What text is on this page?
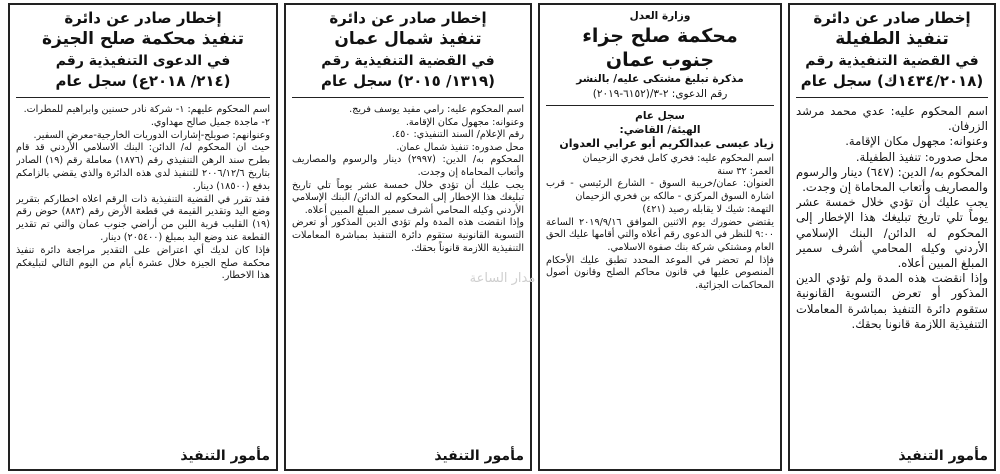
إخطار صادر عن دائرة
تنفيذ الطفيلة
في القضية التنفيذية رقم
(١٤٣٤/٢٠١٨ك) سجل عام

اسم المحكوم عليه: عدي محمد مرشد الزرفان.
وعنوانه: مجهول مكان الإقامة.
محل صدوره: تنفيذ الطفيلة.
المحكوم به/ الدين: (٦٤٧) دينار والرسوم والمصاريف وأتعاب المحاماة إن وجدت.

يجب عليك أن تؤدي خلال خمسة عشر يوماً تلي تاريخ تبليغك هذا الإخطار إلى المحكوم له الدائن/ البنك الإسلامي الأردني وكيله المحامي أشرف سمير المبلغ المبين أعلاه.

وإذا انقضت هذه المدة ولم تؤدي الدين المذكور أو تعرض التسوية القانونية ستقوم دائرة التنفيذ بمباشرة المعاملات التنفيذية اللازمة قانونا بحقك.

مأمور التنفيذ
وزارة العدل
محكمة صلح جزاء
جنوب عمان
مذكرة تبليغ مشتكى عليه/ بالنشر
رقم الدعوى: ٢-٣/(٦١٥٢-٢٠١٩)
سجل عام
الهيئة/ القاضي:
زياد عيسى عبدالكريم أبو عرابي العدوان

اسم المحكوم عليه: فخري كامل فخري الزحيمان
العمر: ٣٢ سنة
العنوان: عمان/خريبة السوق - الشارع الرئيسي - قرب اشارة السوق المركزي - مالكه بن فخري الزحيمان
التهمة: شيك لا يقابله رصيد (٤٢١)

يقتضي حضورك يوم الاثنين الموافق ٢٠١٩/٩/١٦ الساعة ٩:٠٠ للنظر في الدعوى رقم أعلاه والتي أقامها عليك الحق العام ومشتكي شركة بنك صفوة الاسلامي.

فإذا لم تحضر في الموعد المحدد تطبق عليك الأحكام المنصوص عليها في قانون محاكم الصلح وقانون أصول المحاكمات الجزائية.

إخطار صادر عن دائرة
تنفيذ شمال عمان
في القضية التنفيذية رقم
(١٣١٩/ ٢٠١٥) سجل عام

اسم المحكوم عليه: رامي مفيد يوسف فريج.
وعنوانه: مجهول مكان الإقامة.
رقم الإعلام/ السند التنفيذي: ٤٥٠.
محل صدوره: تنفيذ شمال عمان.
المحكوم به/ الدين: (٢٩٩٧) دينار والرسوم والمصاريف وأتعاب المحاماة إن وجدت.

يجب عليك أن تؤدي خلال خمسة عشر يوماً تلي تاريخ تبليغك هذا الإخطار إلى المحكوم له الدائن/ البنك الإسلامي الأردني وكيله المحامي أشرف سمير المبلغ المبين أعلاه.

وإذا انقضت هذه المدة ولم تؤدي الدين المذكور أو تعرض التسوية القانونية ستقوم دائرة التنفيذ بمباشرة المعاملات التنفيذية اللازمة قانوناً بحقك.

مأمور التنفيذ
إخطار صادر عن دائرة
تنفيذ محكمة صلح الجيزة
في الدعوى التنفيذية رقم
(٢١٤/ ٢٠١٨ع) سجل عام

اسم المحكوم عليهم: ١- شركة نادر حسنين وابراهيم للمطرات.
٢- ماجدة جميل صالح مهداوي.
وعنوانهم: صويلح-إشارات الدوريات الخارجية-معرض السفير.

حيث ان المحكوم له/ الدائن: البنك الاسلامي الأردني قد قام بطرح سند الرهن التنفيذي رقم (١٨٧٦) معاملة رقم (١٩) الصادر بتاريخ ٢٠٠٦/١٢/٦ للتنفيذ لدى هذه الدائرة والذي يقضي بالزامكم بدفع (١٨٥٠٠) دينار.

فقد تقرر في القضية التنفيذية ذات الرقم اعلاه اخطاركم بتقرير وضع اليد وتقدير القيمة في قطعة الأرض رقم (٨٨٣) حوض رقم (١٩) القليب قرية اللبن من أراضي جنوب عمان والتي تم تقدير القطعة عند وضع اليد بمبلغ (٢٠٥٤٠٠) دينار.

فإذا كان لديك أي اعتراض على التقدير مراجعة دائرة تنفيذ محكمة صلح الجيزة خلال عشرة أيام من اليوم التالي لتبليغكم هذا الاخطار.

مأمور التنفيذ
مدار الساعة
